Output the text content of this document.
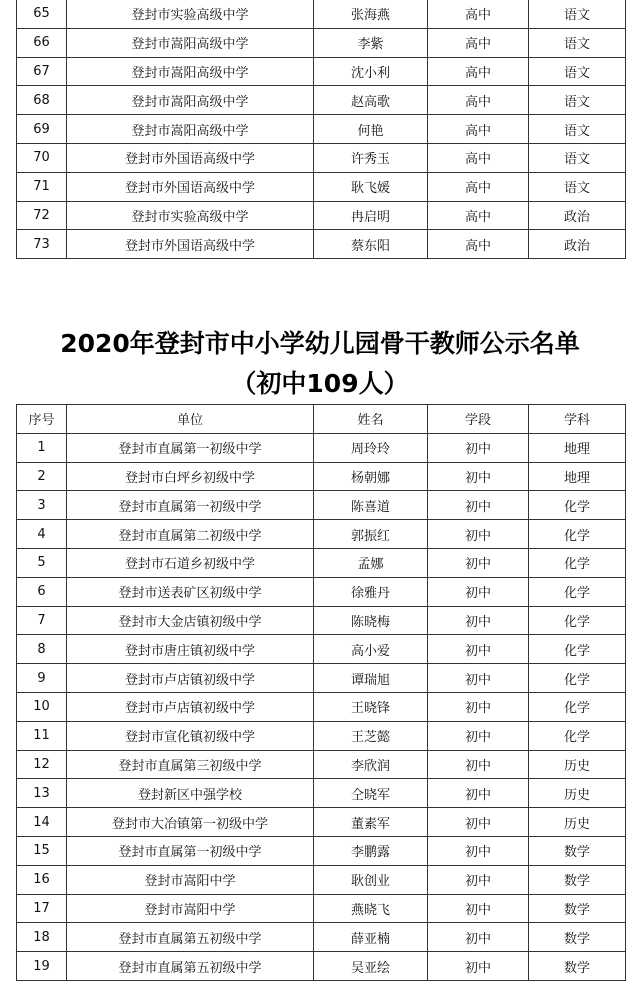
65	登封市实验高级中学	张海燕	高中	语文
66	登封市嵩阳高级中学	李紫	高中	语文
67	登封市嵩阳高级中学	沈小利	高中	语文
68	登封市嵩阳高级中学	赵高歌	高中	语文
69	登封市嵩阳高级中学	何艳	高中	语文
70	登封市外国语高级中学	许秀玉	高中	语文
71	登封市外国语高级中学	耿飞媛	高中	语文
72	登封市实验高级中学	冉启明	高中	政治
73	登封市外国语高级中学	蔡东阳	高中	政治
2020年登封市中小学幼儿园骨干教师公示名单
（初中109人）
序号	单位	姓名	学段	学科
1	登封市直属第一初级中学	周玲玲	初中	地理
2	登封市白坪乡初级中学	杨朝娜	初中	地理
3	登封市直属第一初级中学	陈喜道	初中	化学
4	登封市直属第二初级中学	郭振红	初中	化学
5	登封市石道乡初级中学	孟娜	初中	化学
6	登封市送表矿区初级中学	徐雅丹	初中	化学
7	登封市大金店镇初级中学	陈晓梅	初中	化学
8	登封市唐庄镇初级中学	高小爱	初中	化学
9	登封市卢店镇初级中学	谭瑞旭	初中	化学
10	登封市卢店镇初级中学	王晓锋	初中	化学
11	登封市宣化镇初级中学	王芝懿	初中	化学
12	登封市直属第三初级中学	李欣润	初中	历史
13	登封新区中强学校	仝晓军	初中	历史
14	登封市大冶镇第一初级中学	董素军	初中	历史
15	登封市直属第一初级中学	李鹏露	初中	数学
16	登封市嵩阳中学	耿创业	初中	数学
17	登封市嵩阳中学	燕晓飞	初中	数学
18	登封市直属第五初级中学	薛亚楠	初中	数学
19	登封市直属第五初级中学	吴亚绘	初中	数学
